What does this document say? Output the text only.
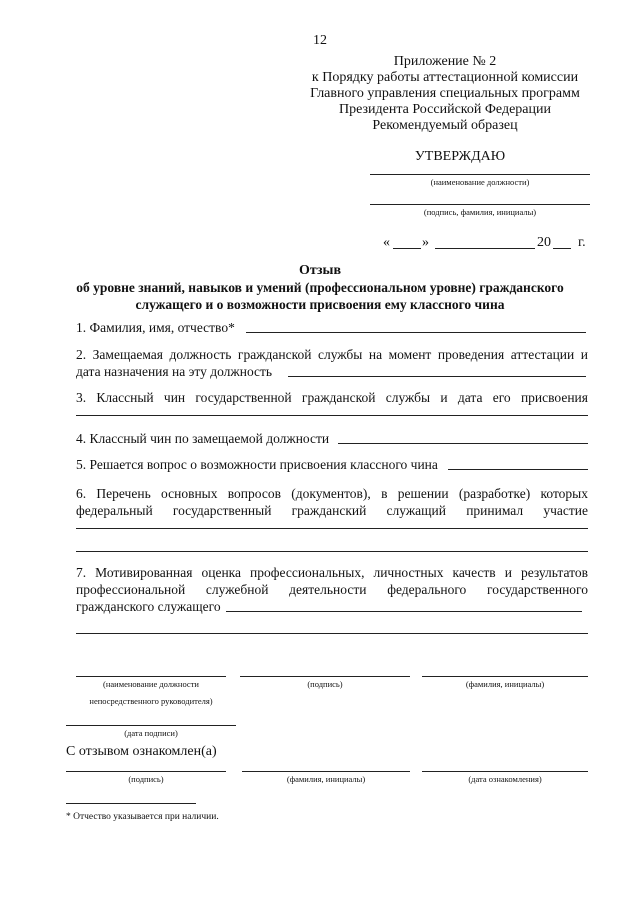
12
Приложение № 2
к Порядку работы аттестационной комиссии
Главного управления специальных программ
Президента Российской Федерации
Рекомендуемый образец
УТВЕРЖДАЮ
(наименование должности)
(подпись, фамилия, инициалы)
« »	20 г.
Отзыв
об уровне знаний, навыков и умений (профессиональном уровне) гражданского
служащего и о возможности присвоения ему классного чина
1. Фамилия, имя, отчество*
2. Замещаемая должность гражданской службы на момент проведения аттестации и
дата назначения на эту должность
3. Классный чин государственной гражданской службы и дата его присвоения
4. Классный чин по замещаемой должности
5. Решается вопрос о возможности присвоения классного чина
6. Перечень основных вопросов (документов), в решении (разработке) которых
федеральный государственный гражданский служащий принимал участие
7. Мотивированная оценка профессиональных, личностных качеств и результатов
профессиональной служебной деятельности федерального государственного
гражданского служащего
(наименование должности
непосредственного руководителя)
(подпись)	(фамилия, инициалы)
(дата подписи)
С отзывом ознакомлен(а)
(подпись)	(фамилия, инициалы)	(дата ознакомления)
* Отчество указывается при наличии.
